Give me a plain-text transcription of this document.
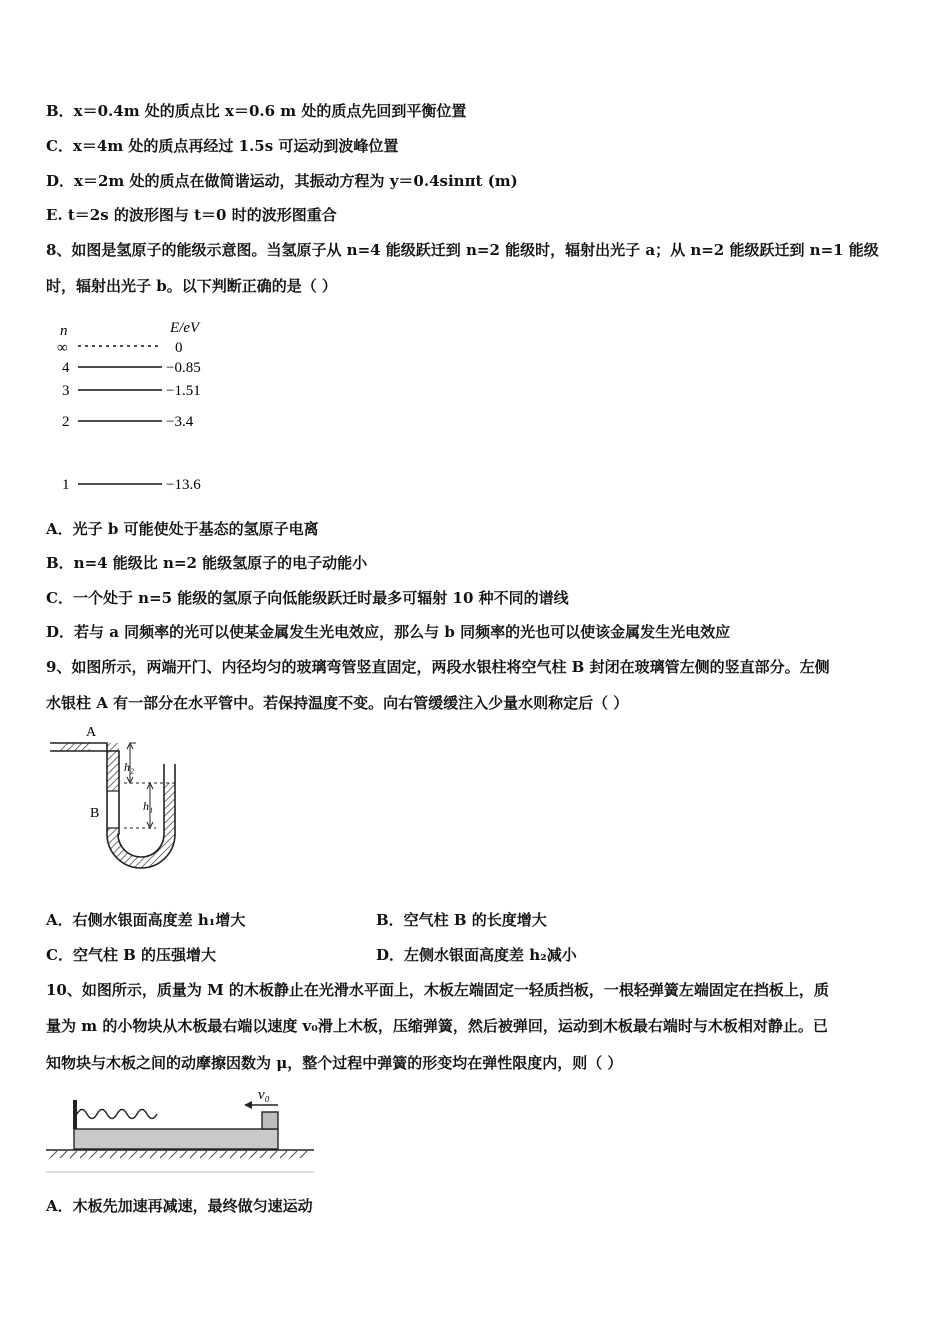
B．x＝0.4m 处的质点比 x＝0.6 m 处的质点先回到平衡位置
C．x＝4m 处的质点再经过 1.5s 可运动到波峰位置
D．x＝2m 处的质点在做简谐运动，其振动方程为 y＝0.4sinπt (m)
E. t＝2s 的波形图与 t＝0 时的波形图重合
8、如图是氢原子的能级示意图。当氢原子从 n=4 能级跃迁到 n=2 能级时，辐射出光子 a；从 n=2 能级跃迁到 n=1 能级
时，辐射出光子 b。以下判断正确的是（ ）
n	E/eV
∞	0
4	−0.85
3	−1.51
2	−3.4
1	−13.6
A．光子 b 可能使处于基态的氢原子电离
B．n=4 能级比 n=2 能级氢原子的电子动能小
C．一个处于 n=5 能级的氢原子向低能级跃迁时最多可辐射 10 种不同的谱线
D．若与 a 同频率的光可以使某金属发生光电效应，那么与 b 同频率的光也可以使该金属发生光电效应
9、如图所示，两端开门、内径均匀的玻璃弯管竖直固定，两段水银柱将空气柱 B 封闭在玻璃管左侧的竖直部分。左侧
水银柱 A 有一部分在水平管中。若保持温度不变。向右管缓缓注入少量水则称定后（ ）
A
B
h₂
h₁
A．右侧水银面高度差 h₁增大	B．空气柱 B 的长度增大
C．空气柱 B 的压强增大	D．左侧水银面高度差 h₂减小
10、如图所示，质量为 M 的木板静止在光滑水平面上，木板左端固定一轻质挡板，一根轻弹簧左端固定在挡板上，质
量为 m 的小物块从木板最右端以速度 v₀滑上木板，压缩弹簧，然后被弹回，运动到木板最右端时与木板相对静止。已
知物块与木板之间的动摩擦因数为 μ，整个过程中弹簧的形变均在弹性限度内，则（ ）
v₀
A．木板先加速再减速，最终做匀速运动
